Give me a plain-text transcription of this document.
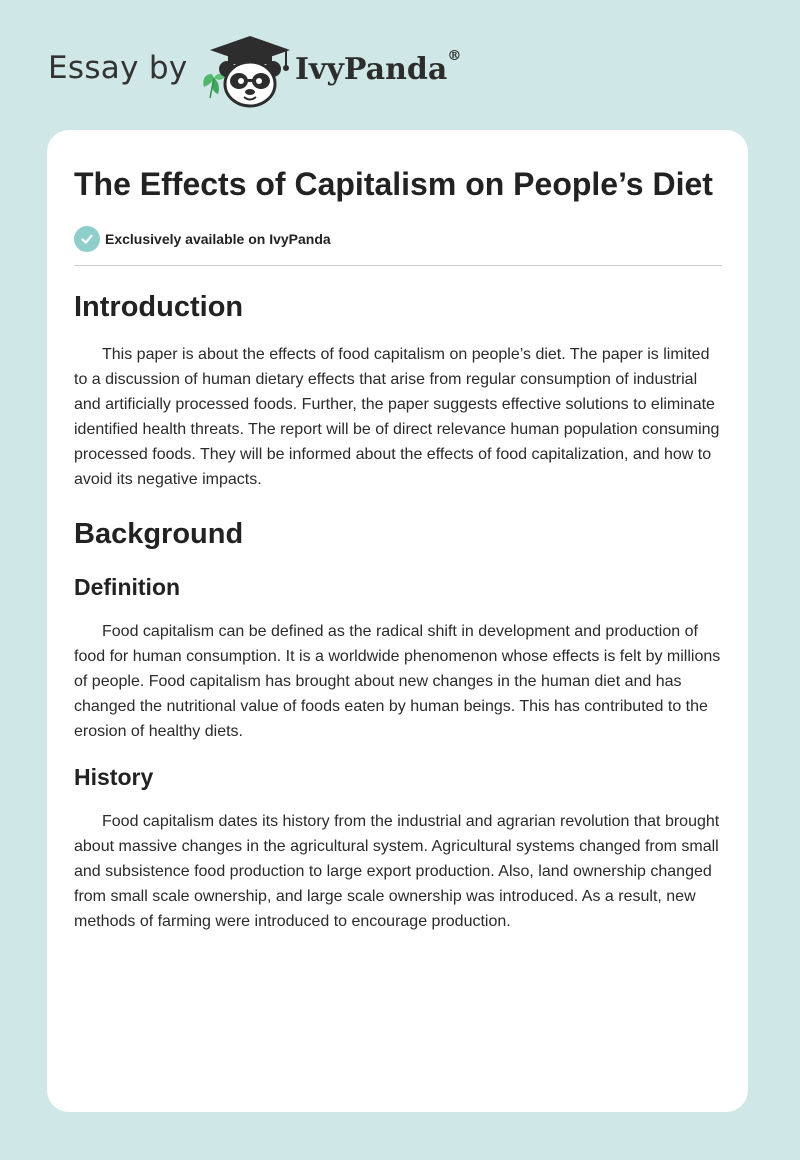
Essay by	IvyPanda®
The Effects of Capitalism on People’s Diet
Exclusively available on IvyPanda
Introduction

This paper is about the effects of food capitalism on people’s diet. The paper is limited to a discussion of human dietary effects that arise from regular consumption of industrial and artificially processed foods. Further, the paper suggests effective solutions to eliminate identified health threats. The report will be of direct relevance human population consuming processed foods. They will be informed about the effects of food capitalization, and how to avoid its negative impacts.

Background
Definition

Food capitalism can be defined as the radical shift in development and production of food for human consumption. It is a worldwide phenomenon whose effects is felt by millions of people. Food capitalism has brought about new changes in the human diet and has changed the nutritional value of foods eaten by human beings. This has contributed to the erosion of healthy diets.

History

Food capitalism dates its history from the industrial and agrarian revolution that brought about massive changes in the agricultural system. Agricultural systems changed from small and subsistence food production to large export production. Also, land ownership changed from small scale ownership, and large scale ownership was introduced. As a result, new methods of farming were introduced to encourage production.
